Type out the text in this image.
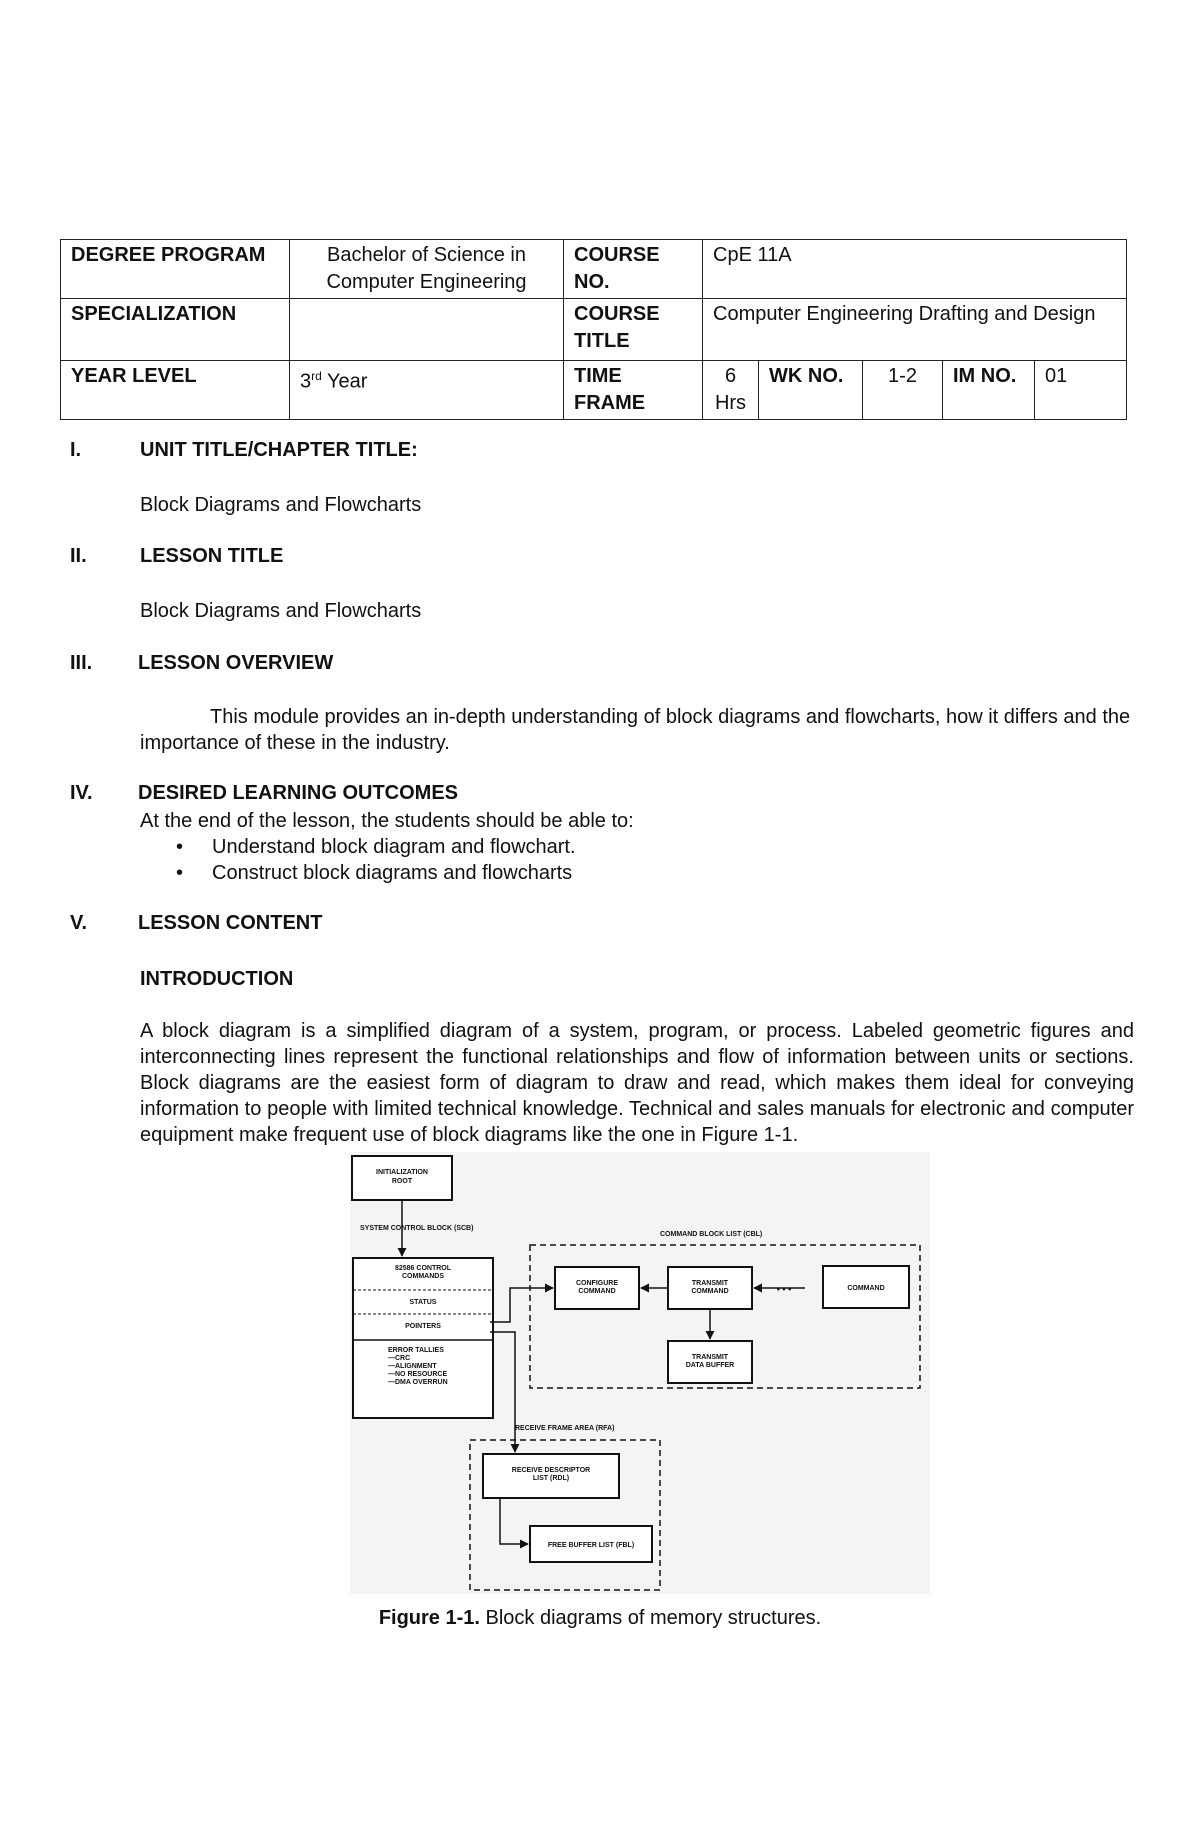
DEGREE PROGRAM	Bachelor of Science in Computer Engineering	COURSE NO.	CpE 11A				
SPECIALIZATION		COURSE TITLE	Computer Engineering Drafting and Design				
YEAR LEVEL	3rd Year	TIME FRAME	6 Hrs	WK NO.	1-2	IM NO.	01
I.	UNIT TITLE/CHAPTER TITLE:
Block Diagrams and Flowcharts
II.	LESSON TITLE
Block Diagrams and Flowcharts
III. LESSON OVERVIEW
This module provides an in-depth understanding of block diagrams and flowcharts, how it differs and the importance of these in the industry.
IV. DESIRED LEARNING OUTCOMES
At the end of the lesson, the students should be able to:
• Understand block diagram and flowchart.
• Construct block diagrams and flowcharts
V.	LESSON CONTENT
INTRODUCTION
A block diagram is a simplified diagram of a system, program, or process. Labeled geometric figures and interconnecting lines represent the functional relationships and flow of information between units or sections. Block diagrams are the easiest form of diagram to draw and read, which makes them ideal for conveying information to people with limited technical knowledge. Technical and sales manuals for electronic and computer equipment make frequent use of block diagrams like the one in Figure 1-1.
INITIALIZATION
ROOT
SYSTEM CONTROL BLOCK (SCB)
82586 CONTROL
COMMANDS
STATUS
POINTERS
ERROR TALLIES
—CRC
—ALIGNMENT
—NO RESOURCE
—DMA OVERRUN
COMMAND BLOCK LIST (CBL)
CONFIGURE
COMMAND
TRANSMIT
COMMAND	• • •	COMMAND
TRANSMIT
DATA BUFFER
RECEIVE FRAME AREA (RFA)
RECEIVE DESCRIPTOR
LIST (RDL)
FREE BUFFER LIST (FBL)
Figure 1-1. Block diagrams of memory structures.
